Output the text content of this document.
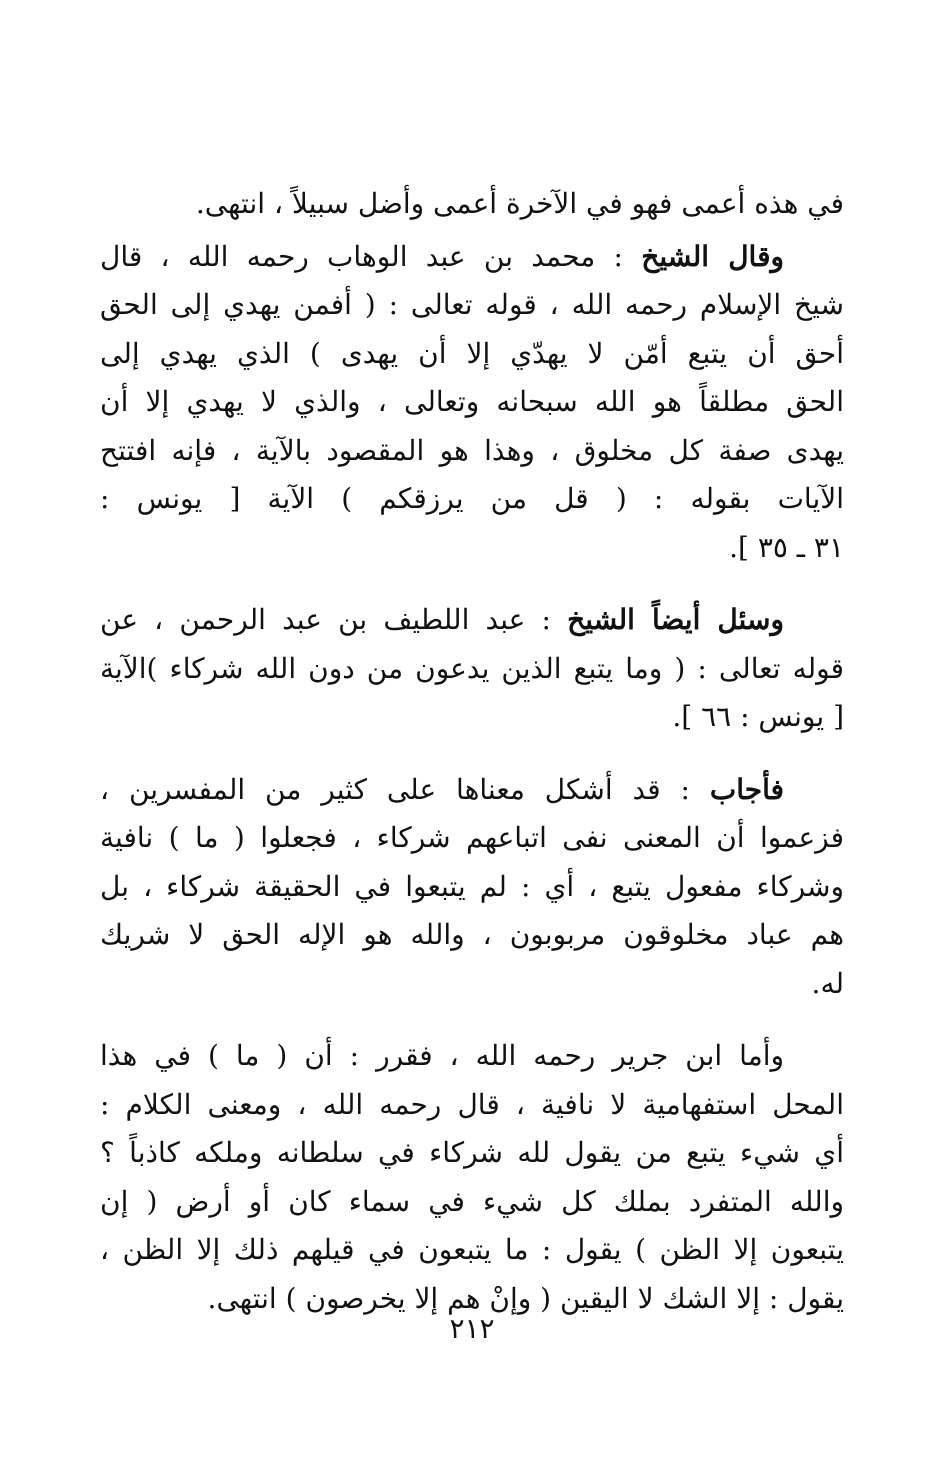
في هذه أعمى فهو في الآخرة أعمى وأضل سبيلاً ، انتهى.

وقال الشيخ : محمد بن عبد الوهاب رحمه الله ، قال
شيخ الإسلام رحمه الله ، قوله تعالى : ( أفمن يهدي إلى الحق
أحق أن يتبع أمّن لا يهدّي إلا أن يهدى ) الذي يهدي إلى
الحق مطلقاً هو الله سبحانه وتعالى ، والذي لا يهدي إلا أن
يهدى صفة كل مخلوق ، وهذا هو المقصود بالآية ، فإنه افتتح
الآيات بقوله : ( قل من يرزقكم ) الآية [ يونس :
٣١ ـ ٣٥ ].

وسئل أيضاً الشيخ : عبد اللطيف بن عبد الرحمن ، عن
قوله تعالى : ( وما يتبع الذين يدعون من دون الله شركاء )الآية
[ يونس : ٦٦ ].

فأجاب : قد أشكل معناها على كثير من المفسرين ،
فزعموا أن المعنى نفى اتباعهم شركاء ، فجعلوا ( ما ) نافية
وشركاء مفعول يتبع ، أي : لم يتبعوا في الحقيقة شركاء ، بل
هم عباد مخلوقون مربوبون ، والله هو الإله الحق لا شريك
له.

وأما ابن جرير رحمه الله ، فقرر : أن ( ما ) في هذا
المحل استفهامية لا نافية ، قال رحمه الله ، ومعنى الكلام :
أي شيء يتبع من يقول لله شركاء في سلطانه وملكه كاذباً ؟
والله المتفرد بملك كل شيء في سماء كان أو أرض ( إن
يتبعون إلا الظن ) يقول : ما يتبعون في قيلهم ذلك إلا الظن ،
يقول : إلا الشك لا اليقين ( وإنْ هم إلا يخرصون ) انتهى.

٢١٢
